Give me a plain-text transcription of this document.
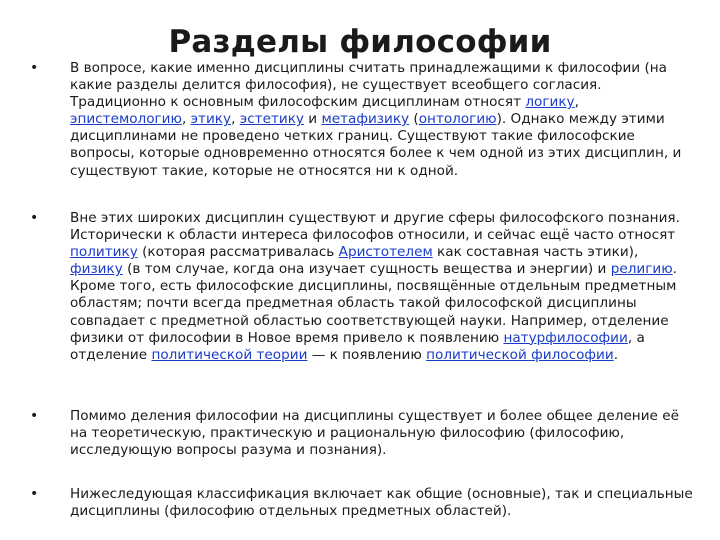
Разделы философии
• В вопросе, какие именно дисциплины считать принадлежащими к философии (на какие разделы делится философия), не существует всеобщего согласия. Традиционно к основным философским дисциплинам относят логику, эпистемологию, этику, эстетику и метафизику (онтологию). Однако между этими дисциплинами не проведено четких границ. Существуют такие философские вопросы, которые одновременно относятся более к чем одной из этих дисциплин, и существуют такие, которые не относятся ни к одной.
• Вне этих широких дисциплин существуют и другие сферы философского познания. Исторически к области интереса философов относили, и сейчас ещё часто относят политику (которая рассматривалась Аристотелем как составная часть этики), физику (в том случае, когда она изучает сущность вещества и энергии) и религию. Кроме того, есть философские дисциплины, посвящённые отдельным предметным областям; почти всегда предметная область такой философской дисциплины совпадает с предметной областью соответствующей науки. Например, отделение физики от философии в Новое время привело к появлению натурфилософии, а отделение политической теории — к появлению политической философии.
• Помимо деления философии на дисциплины существует и более общее деление её на теоретическую, практическую и рациональную философию (философию, исследующую вопросы разума и познания).
• Нижеследующая классификация включает как общие (основные), так и специальные дисциплины (философию отдельных предметных областей).
